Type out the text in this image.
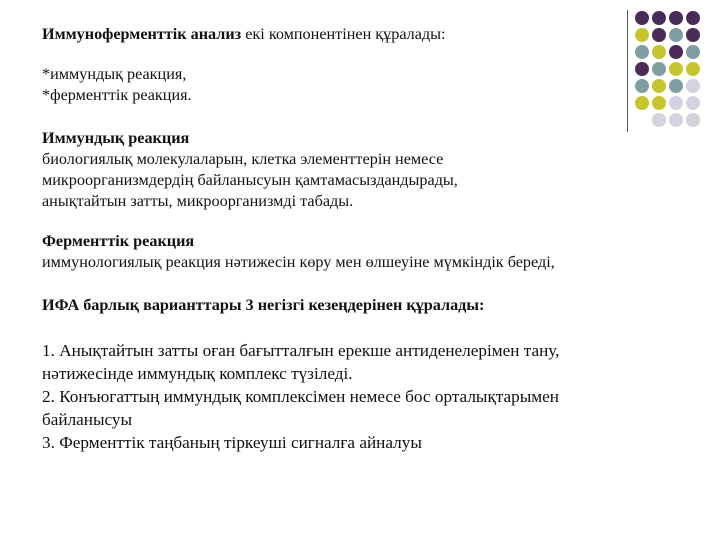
Иммуноферменттік анализ екі компонентінен құралады:

*иммундық реакция,

*ферменттік реакция.

Иммундық реакция

биологиялық молекулаларын, клетка элементтерін немесе

микроорганизмдердің байланысуын қамтамасыздандырады,

анықтайтын затты, микроорганизмді табады.

Ферменттік реакция

иммунологиялық реакция нәтижесін көру мен өлшеуіне мүмкіндік береді,

ИФА барлық варианттары 3 негізгі кезеңдерінен құралады:

1. Анықтайтын затты оған бағытталғын ерекше антиденелерімен тану,

нәтижесінде иммундық комплекс түзіледі.

2. Конъюгаттың иммундық комплексімен немесе бос орталықтарымен

байланысуы

3. Ферменттік таңбаның тіркеуші сигналға айналуы
